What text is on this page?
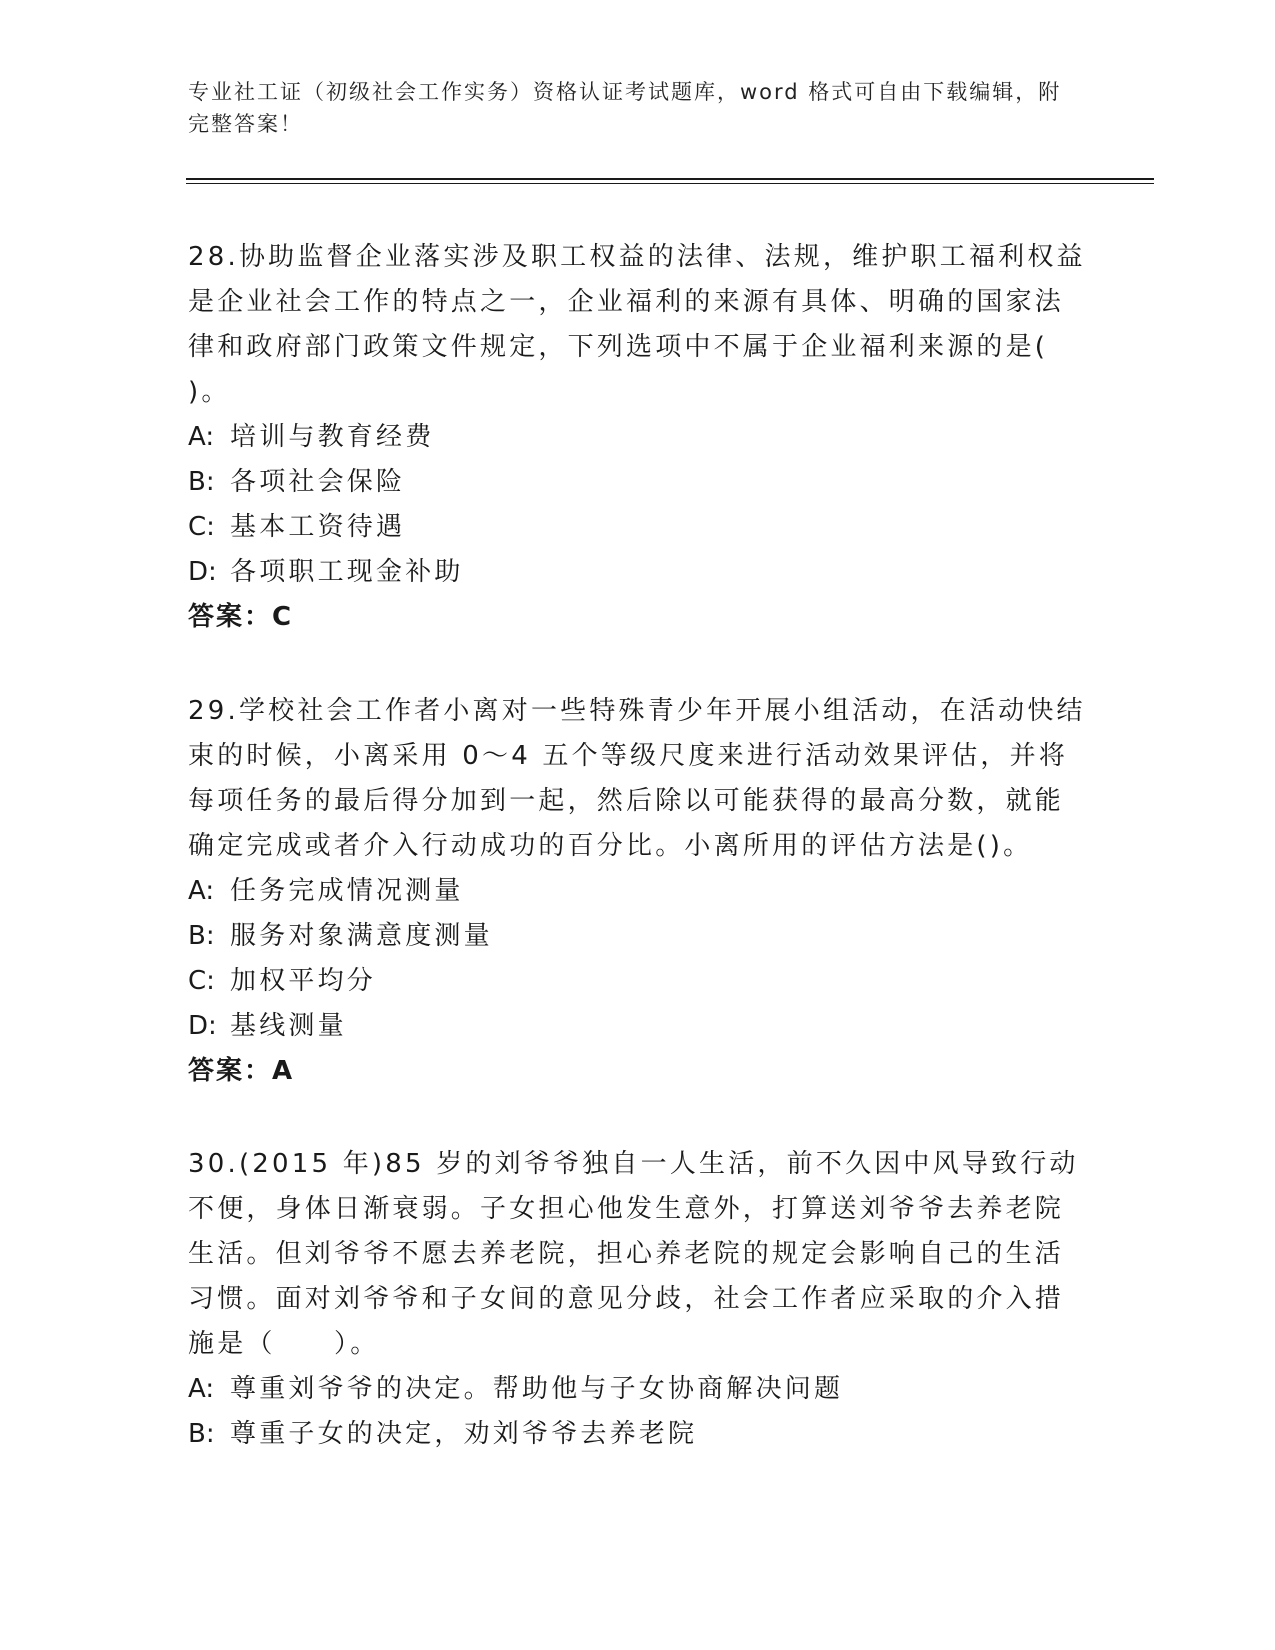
专业社工证（初级社会工作实务）资格认证考试题库，word 格式可自由下载编辑，附完整答案！

28.协助监督企业落实涉及职工权益的法律、法规，维护职工福利权益是企业社会工作的特点之一，企业福利的来源有具体、明确的国家法律和政府部门政策文件规定，下列选项中不属于企业福利来源的是( )。

A: 培训与教育经费

B: 各项社会保险

C: 基本工资待遇

D: 各项职工现金补助

答案：C

29.学校社会工作者小离对一些特殊青少年开展小组活动，在活动快结束的时候，小离采用 0～4 五个等级尺度来进行活动效果评估，并将每项任务的最后得分加到一起，然后除以可能获得的最高分数，就能确定完成或者介入行动成功的百分比。小离所用的评估方法是()。

A: 任务完成情况测量

B: 服务对象满意度测量

C: 加权平均分

D: 基线测量

答案：A

30.(2015 年)85 岁的刘爷爷独自一人生活，前不久因中风导致行动不便，身体日渐衰弱。子女担心他发生意外，打算送刘爷爷去养老院生活。但刘爷爷不愿去养老院，担心养老院的规定会影响自己的生活习惯。面对刘爷爷和子女间的意见分歧，社会工作者应采取的介入措施是（　　）。

A: 尊重刘爷爷的决定。帮助他与子女协商解决问题

B: 尊重子女的决定，劝刘爷爷去养老院
